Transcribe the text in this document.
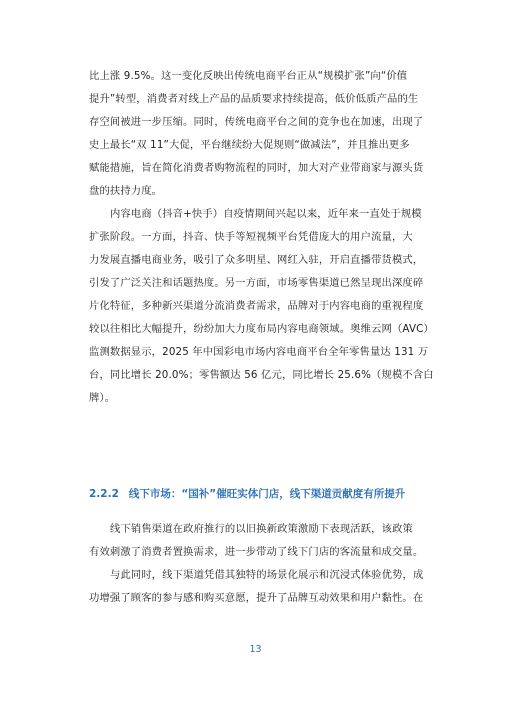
比上涨 9.5%。这一变化反映出传统电商平台正从“规模扩张”向“价值
提升”转型，消费者对线上产品的品质要求持续提高，低价低质产品的生
存空间被进一步压缩。同时，传统电商平台之间的竞争也在加速，出现了
史上最长“双 11”大促，平台继续纷大促规则“做减法”，并且推出更多
赋能措施，旨在简化消费者购物流程的同时，加大对产业带商家与源头货
盘的扶持力度。

内容电商（抖音+快手）自疫情期间兴起以来，近年来一直处于规模
扩张阶段。一方面，抖音、快手等短视频平台凭借庞大的用户流量，大
力发展直播电商业务，吸引了众多明星、网红入驻，开启直播带货模式，
引发了广泛关注和话题热度。另一方面，市场零售渠道已然呈现出深度碎
片化特征，多种新兴渠道分流消费者需求，品牌对于内容电商的重视程度
较以往相比大幅提升，纷纷加大力度布局内容电商领域。奥维云网（AVC）
监测数据显示，2025 年中国彩电市场内容电商平台全年零售量达 131 万
台，同比增长 20.0%；零售额达 56 亿元，同比增长 25.6%（规模不含白
牌）。

2.2.2 线下市场：“国补”催旺实体门店，线下渠道贡献度有所提升

线下销售渠道在政府推行的以旧换新政策激励下表现活跃，该政策
有效刺激了消费者置换需求，进一步带动了线下门店的客流量和成交量。

与此同时，线下渠道凭借其独特的场景化展示和沉浸式体验优势，成
功增强了顾客的参与感和购买意愿，提升了品牌互动效果和用户黏性。在

13
